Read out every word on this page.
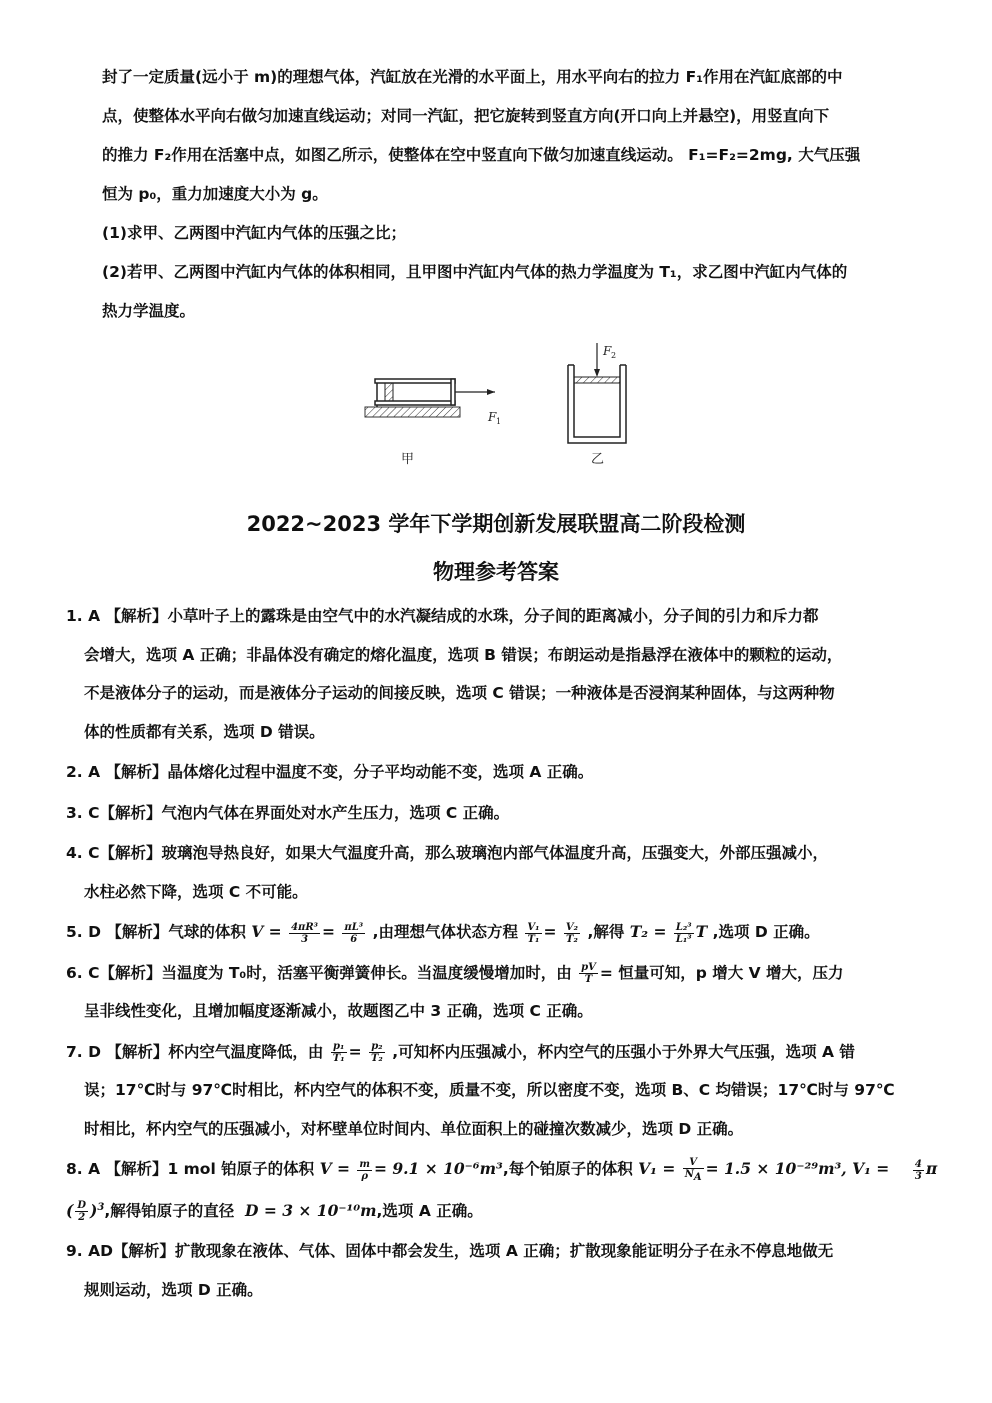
封了一定质量(远小于 m)的理想气体，汽缸放在光滑的水平面上，用水平向右的拉力 F₁作用在汽缸底部的中

点，使整体水平向右做匀加速直线运动；对同一汽缸，把它旋转到竖直方向(开口向上并悬空)，用竖直向下

的推力 F₂作用在活塞中点，如图乙所示，使整体在空中竖直向下做匀加速直线运动。 F₁=F₂=2mg, 大气压强

恒为 p₀，重力加速度大小为 g。

(1)求甲、乙两图中汽缸内气体的压强之比；

(2)若甲、乙两图中汽缸内气体的体积相同，且甲图中汽缸内气体的热力学温度为 T₁，求乙图中汽缸内气体的

热力学温度。

F 1
甲
F 2
乙
2022~2023 学年下学期创新发展联盟高二阶段检测
物理参考答案
1. A 【解析】小草叶子上的露珠是由空气中的水汽凝结成的水珠，分子间的距离减小，分子间的引力和斥力都
会增大，选项 A 正确；非晶体没有确定的熔化温度，选项 B 错误；布朗运动是指悬浮在液体中的颗粒的运动，
不是液体分子的运动，而是液体分子运动的间接反映，选项 C 错误；一种液体是否浸润某种固体，与这两种物
体的性质都有关系，选项 D 错误。
2. A 【解析】晶体熔化过程中温度不变，分子平均动能不变，选项 A 正确。
3. C【解析】气泡内气体在界面处对水产生压力，选项 C 正确。
4. C【解析】玻璃泡导热良好，如果大气温度升高，那么玻璃泡内部气体温度升高，压强变大，外部压强减小，
水柱必然下降，选项 C 不可能。
5. D 【解析】气球的体积 $V = \frac{\text{4πR³}}{3} = \frac{\text{πL³}}{6}$ ,由理想气体状态方程 $\frac{\text{V₁}}{\text{T₁}} = \frac{\text{V₂}}{\text{T₂}}$ ,解得 $T_2 = \frac{\text{L₂³}}{\text{L₁³}}$ T ,选项 D 正确。
6. C【解析】当温度为 T₀时，活塞平衡弹簧伸长。当温度缓慢增加时，由 $\frac{pV}{T}$ = 恒量可知，p 增大 V 增大，压力
呈非线性变化，且增加幅度逐渐减小，故题图乙中 3 正确，选项 C 正确。
7. D 【解析】杯内空气温度降低，由 $\frac{\text{p₁}}{\text{T₁}} = \frac{\text{p₂}}{\text{T₂}}$ ,可知杯内压强减小，杯内空气的压强小于外界大气压强，选项 A 错
误；17℃时与 97℃时相比，杯内空气的体积不变，质量不变，所以密度不变，选项 B、C 均错误；17℃时与 97℃
时相比，杯内空气的压强减小，对杯壁单位时间内、单位面积上的碰撞次数减少，选项 D 正确。
8. A 【解析】1 mol 铂原子的体积 $V = \frac{m}{\rho} = 9.1 \times 10^{-6}m^3$,每个铂原子的体积 $V_1 = \frac{V}{N_A} = 1.5 \times 10^{-29}m^3$, $V_1 = \frac{4}{3}$ π
( $\frac{D}{2} )^3$,解得铂原子的直径 D = 3 × 10⁻¹⁰m,选项 A 正确。
9. AD【解析】扩散现象在液体、气体、固体中都会发生，选项 A 正确；扩散现象能证明分子在永不停息地做无
规则运动，选项 D 正确。
